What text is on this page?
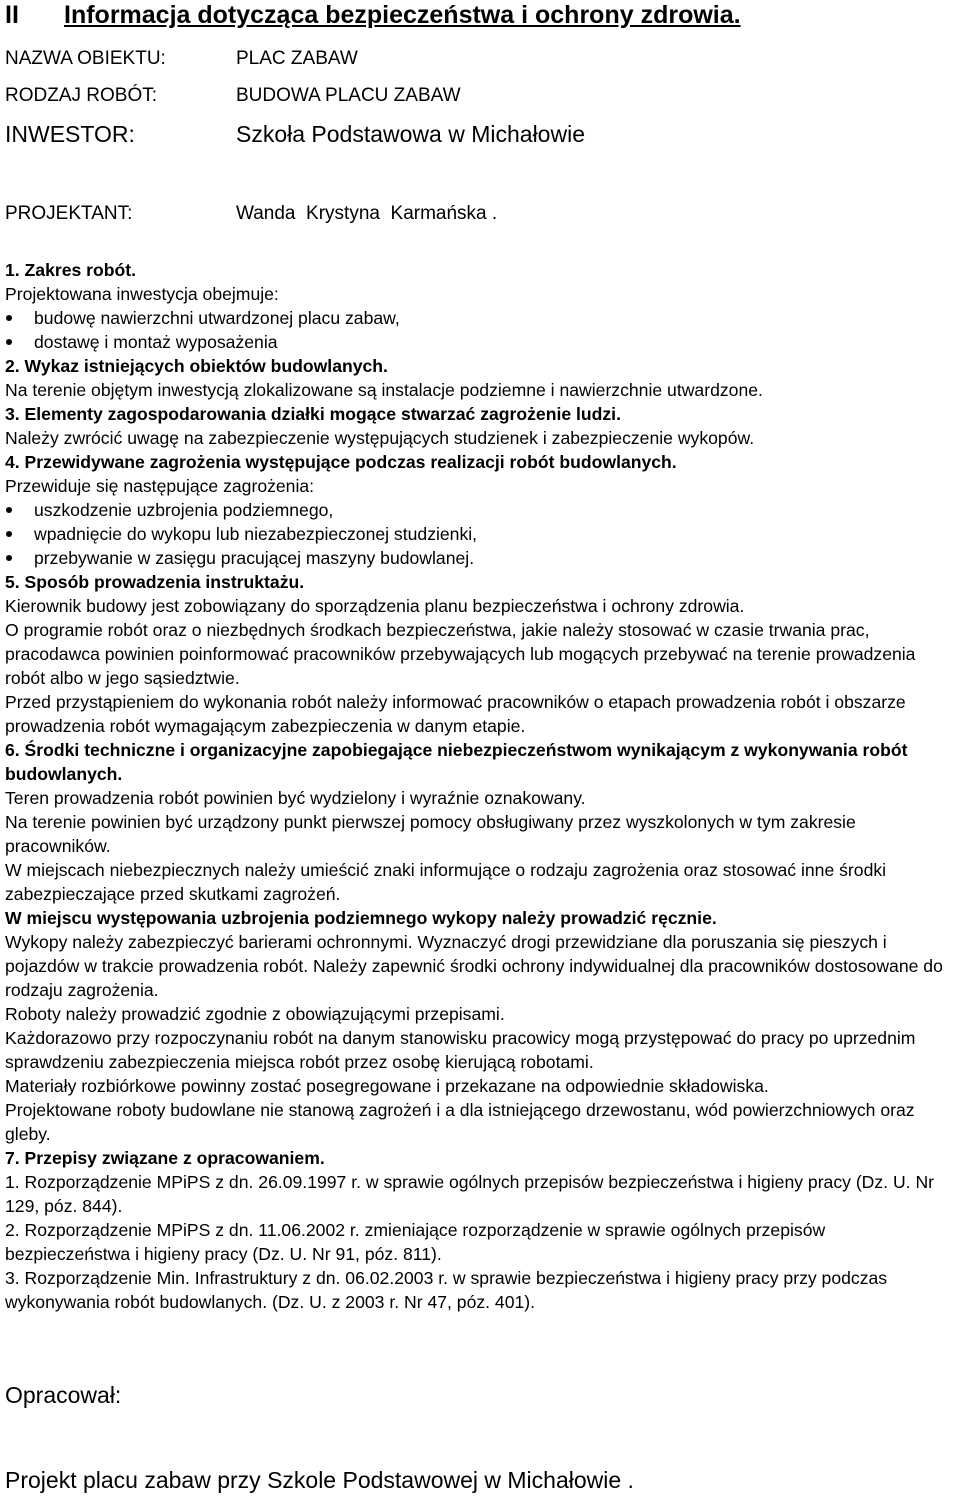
II Informacja dotycząca bezpieczeństwa i ochrony zdrowia.
NAZWA OBIEKTU:	PLAC ZABAW
RODZAJ ROBÓT:	BUDOWA PLACU ZABAW
INWESTOR:	Szkoła Podstawowa w Michałowie
PROJEKTANT:	Wanda  Krystyna  Karmańska .

1. Zakres robót.

Projektowana inwestycja obejmuje:

budowę nawierzchni utwardzonej placu zabaw,
dostawę i montaż wyposażenia

2. Wykaz istniejących obiektów budowlanych.

Na terenie objętym inwestycją zlokalizowane są instalacje podziemne i nawierzchnie utwardzone.

3. Elementy zagospodarowania działki mogące stwarzać zagrożenie ludzi.

Należy zwrócić uwagę na zabezpieczenie występujących studzienek i zabezpieczenie wykopów.

4. Przewidywane zagrożenia występujące podczas realizacji robót budowlanych.

Przewiduje się następujące zagrożenia:

uszkodzenie uzbrojenia podziemnego,
wpadnięcie do wykopu lub niezabezpieczonej studzienki,
przebywanie w zasięgu pracującej maszyny budowlanej.

5. Sposób prowadzenia instruktażu.

Kierownik budowy jest zobowiązany do sporządzenia planu bezpieczeństwa i ochrony zdrowia.

O programie robót oraz o niezbędnych środkach bezpieczeństwa, jakie należy stosować w czasie trwania prac, pracodawca powinien poinformować pracowników przebywających lub mogących przebywać na terenie prowadzenia robót albo w jego sąsiedztwie.

Przed przystąpieniem do wykonania robót należy informować pracowników o etapach prowadzenia robót i obszarze prowadzenia robót wymagającym zabezpieczenia w danym etapie.

6. Środki techniczne i organizacyjne zapobiegające niebezpieczeństwom wynikającym z wykonywania robót budowlanych.

Teren prowadzenia robót powinien być wydzielony i wyraźnie oznakowany.

Na terenie powinien być urządzony punkt pierwszej pomocy obsługiwany przez wyszkolonych w tym zakresie pracowników.

W miejscach niebezpiecznych należy umieścić znaki informujące o rodzaju zagrożenia oraz stosować inne środki zabezpieczające przed skutkami zagrożeń.

W miejscu występowania uzbrojenia podziemnego wykopy należy prowadzić ręcznie.

Wykopy należy zabezpieczyć barierami ochronnymi. Wyznaczyć drogi przewidziane dla poruszania się pieszych i pojazdów w trakcie prowadzenia robót. Należy zapewnić środki ochrony indywidualnej dla pracowników dostosowane do rodzaju zagrożenia.

Roboty należy prowadzić zgodnie z obowiązującymi przepisami.

Każdorazowo przy rozpoczynaniu robót na danym stanowisku pracowicy mogą przystępować do pracy po uprzednim sprawdzeniu zabezpieczenia miejsca robót przez osobę kierującą robotami.

Materiały rozbiórkowe powinny zostać posegregowane i przekazane na odpowiednie składowiska.

Projektowane roboty budowlane nie stanową zagrożeń i a dla istniejącego drzewostanu, wód powierzchniowych oraz gleby.

7. Przepisy związane z opracowaniem.

1. Rozporządzenie MPiPS z dn. 26.09.1997 r. w sprawie ogólnych przepisów bezpieczeństwa i higieny pracy (Dz. U. Nr 129, póz. 844).

2. Rozporządzenie MPiPS z dn. 11.06.2002 r. zmieniające rozporządzenie w sprawie ogólnych przepisów bezpieczeństwa i higieny pracy (Dz. U. Nr 91, póz. 811).

3. Rozporządzenie Min. Infrastruktury z dn. 06.02.2003 r. w sprawie bezpieczeństwa i higieny pracy przy podczas wykonywania robót budowlanych. (Dz. U. z 2003 r. Nr 47, póz. 401).

Opracował:
Projekt placu zabaw przy Szkole Podstawowej w Michałowie .
